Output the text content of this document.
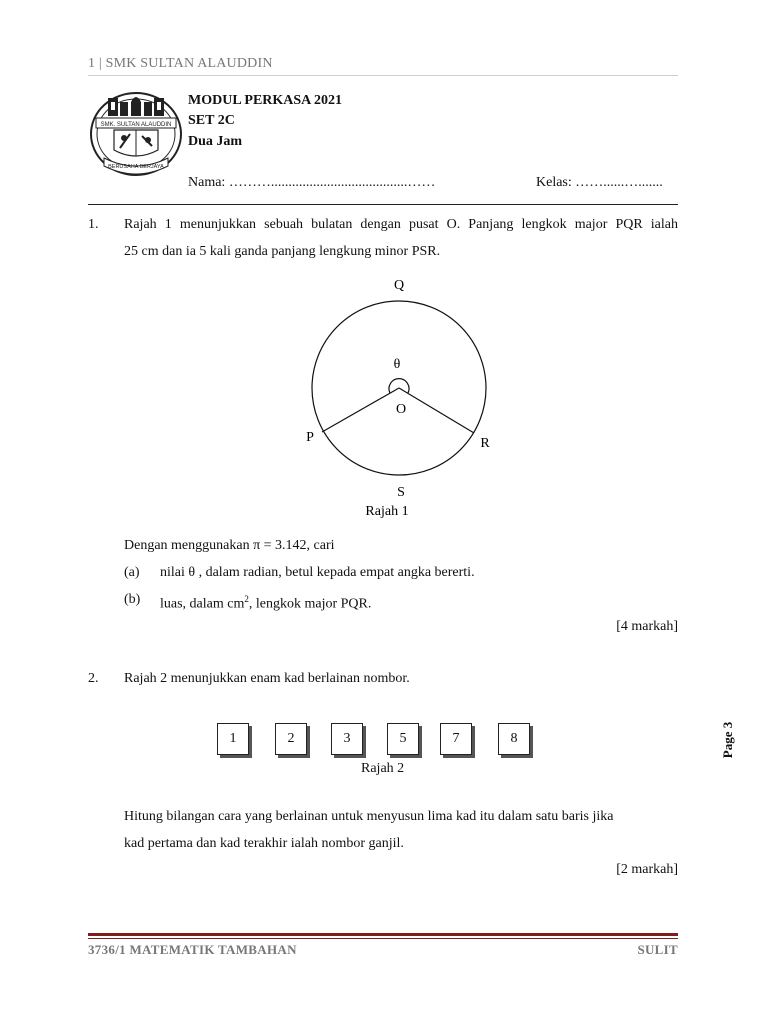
1 | SMK SULTAN ALAUDDIN
SMK. SULTAN ALAUDDIN
BERUSAHA BERJAYA
MODUL PERKASA 2021
SET 2C
Dua Jam
Nama: ……….......................................……	Kelas: ……......….......
1. Rajah 1 menunjukkan sebuah bulatan dengan pusat O. Panjang lengkok major PQR ialah
25 cm dan ia 5 kali ganda panjang lengkung minor PSR.
Q
θ
O
P	R
S
Rajah 1
Dengan menggunakan π = 3.142, cari
(a) nilai θ , dalam radian, betul kepada empat angka bererti.
(b) luas, dalam $cm^2$, lengkok major PQR.
[4 markah]
2. Rajah 2 menunjukkan enam kad berlainan nombor.
1	2	3	5	7	8
Rajah 2
Hitung bilangan cara yang berlainan untuk menyusun lima kad itu dalam satu baris jika
kad pertama dan kad terakhir ialah nombor ganjil.
[2 markah]
Page 3
3736/1 MATEMATIK TAMBAHAN	SULIT
